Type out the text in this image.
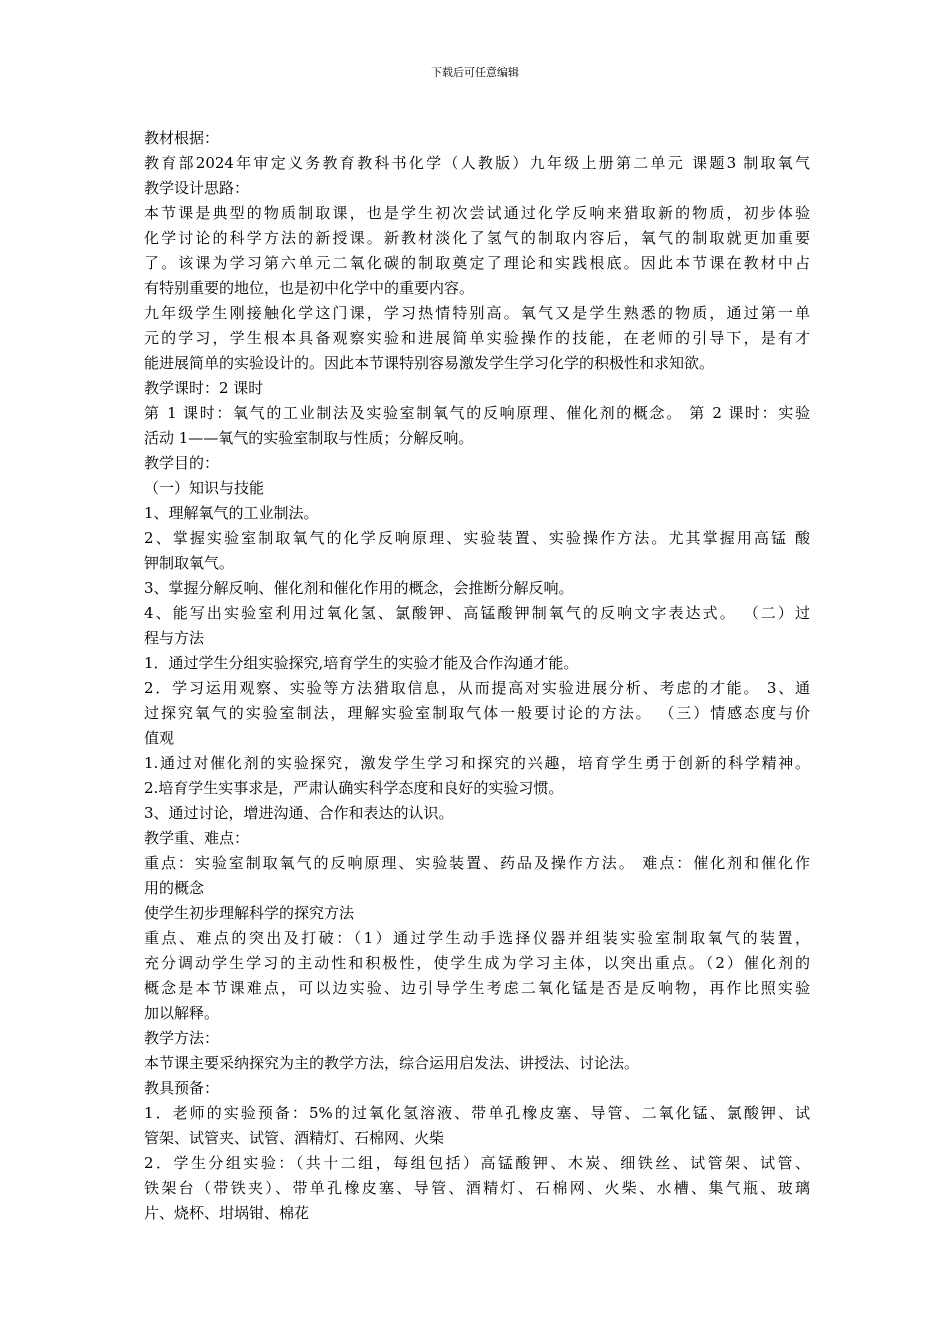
下载后可任意编辑
教材根据：
教育部2024年审定义务教育教科书化学（人教版）九年级上册第二单元 课题3 制取氧气
教学设计思路：
本节课是典型的物质制取课，也是学生初次尝试通过化学反响来猎取新的物质，初步体验
化学讨论的科学方法的新授课。新教材淡化了氢气的制取内容后，氧气的制取就更加重要
了。该课为学习第六单元二氧化碳的制取奠定了理论和实践根底。因此本节课在教材中占
有特别重要的地位，也是初中化学中的重要内容。
九年级学生刚接触化学这门课，学习热情特别高。氧气又是学生熟悉的物质，通过第一单
元的学习，学生根本具备观察实验和进展简单实验操作的技能，在老师的引导下，是有才
能进展简单的实验设计的。因此本节课特别容易激发学生学习化学的积极性和求知欲。
教学课时：2 课时
第 1 课时：氧气的工业制法及实验室制氧气的反响原理、催化剂的概念。 第 2 课时：实验
活动 1——氧气的实验室制取与性质；分解反响。
教学目的：
（一）知识与技能
1、理解氧气的工业制法。
2、掌握实验室制取氧气的化学反响原理、实验装置、实验操作方法。尤其掌握用高锰 酸
钾制取氧气。
3、掌握分解反响、催化剂和催化作用的概念，会推断分解反响。
4、能写出实验室利用过氧化氢、氯酸钾、高锰酸钾制氧气的反响文字表达式。 （二）过
程与方法
1．通过学生分组实验探究,培育学生的实验才能及合作沟通才能。
2．学习运用观察、实验等方法猎取信息，从而提高对实验进展分析、考虑的才能。 3、通
过探究氧气的实验室制法，理解实验室制取气体一般要讨论的方法。 （三）情感态度与价
值观
1.通过对催化剂的实验探究，激发学生学习和探究的兴趣，培育学生勇于创新的科学精神。
2.培育学生实事求是，严肃认确实科学态度和良好的实验习惯。
3、通过讨论，增进沟通、合作和表达的认识。
教学重、难点：
重点：实验室制取氧气的反响原理、实验装置、药品及操作方法。 难点：催化剂和催化作
用的概念
使学生初步理解科学的探究方法
重点、难点的突出及打破：（1）通过学生动手选择仪器并组装实验室制取氧气的装置，
充分调动学生学习的主动性和积极性，使学生成为学习主体，以突出重点。（2）催化剂的
概念是本节课难点，可以边实验、边引导学生考虑二氧化锰是否是反响物，再作比照实验
加以解释。
教学方法：
本节课主要采纳探究为主的教学方法，综合运用启发法、讲授法、讨论法。
教具预备：
1．老师的实验预备：5%的过氧化氢溶液、带单孔橡皮塞、导管、二氧化锰、氯酸钾、试
管架、试管夹、试管、酒精灯、石棉网、火柴
2．学生分组实验：（共十二组，每组包括）高锰酸钾、木炭、细铁丝、试管架、试管、
铁架台（带铁夹）、带单孔橡皮塞、导管、酒精灯、石棉网、火柴、水槽、集气瓶、玻璃
片、烧杯、坩埚钳、棉花
